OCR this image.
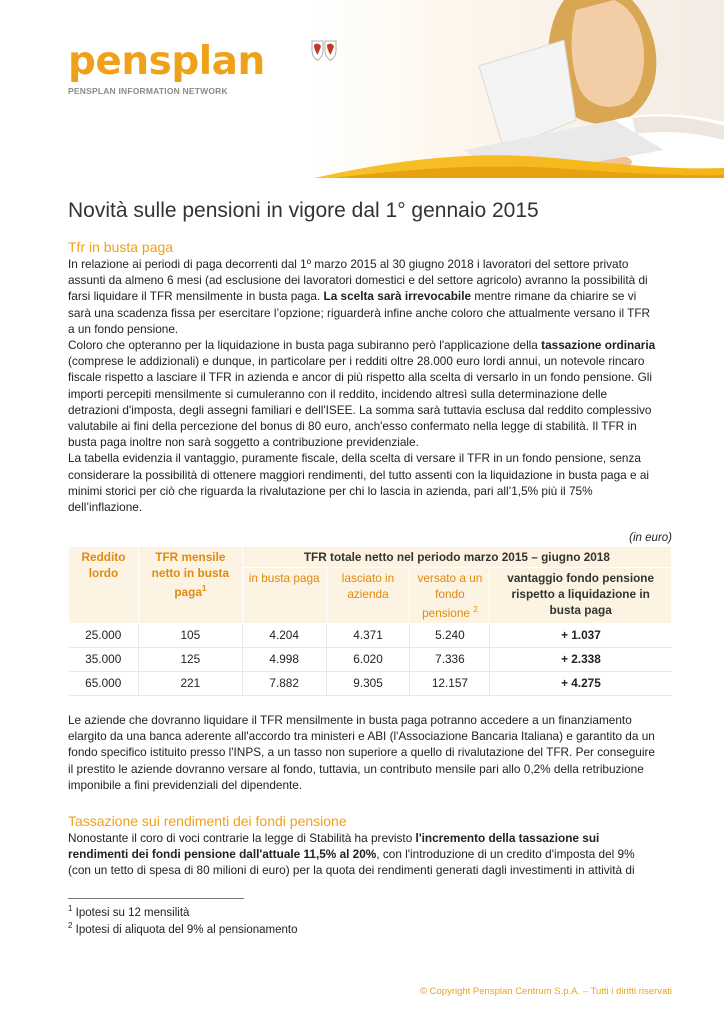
pensplan
PENSPLAN INFORMATION NETWORK
Novità sulle pensioni in vigore dal 1° gennaio 2015
Tfr in busta paga

In relazione ai periodi di paga decorrenti dal 1º marzo 2015 al 30 giugno 2018 i lavoratori del settore privato assunti da almeno 6 mesi (ad esclusione dei lavoratori domestici e del settore agricolo) avranno la possibilità di farsi liquidare il TFR mensilmente in busta paga. La scelta sarà irrevocabile mentre rimane da chiarire se vi sarà una scadenza fissa per esercitare l’opzione; riguarderà infine anche coloro che attualmente versano il TFR a un fondo pensione.

Coloro che opteranno per la liquidazione in busta paga subiranno però l'applicazione della tassazione ordinaria (comprese le addizionali) e dunque, in particolare per i redditi oltre 28.000 euro lordi annui, un notevole rincaro fiscale rispetto a lasciare il TFR in azienda e ancor di più rispetto alla scelta di versarlo in un fondo pensione. Gli importi percepiti mensilmente si cumuleranno con il reddito, incidendo altresì sulla determinazione delle detrazioni d'imposta, degli assegni familiari e dell'ISEE. La somma sarà tuttavia esclusa dal reddito complessivo valutabile ai fini della percezione del bonus di 80 euro, anch'esso confermato nella legge di stabilità. Il TFR in busta paga inoltre non sarà soggetto a contribuzione previdenziale.

La tabella evidenzia il vantaggio, puramente fiscale, della scelta di versare il TFR in un fondo pensione, senza considerare la possibilità di ottenere maggiori rendimenti, del tutto assenti con la liquidazione in busta paga e ai minimi storici per ciò che riguarda la rivalutazione per chi lo lascia in azienda, pari all’1,5% più il 75% dell’inflazione.

(in euro)
Reddito lordo	TFR mensile netto in busta paga$^1$	TFR totale netto nel periodo marzo 2015 – giugno 2018			
		in busta paga	lasciato in azienda	versato a un fondo pensione $^2$	vantaggio fondo pensione rispetto a liquidazione in busta paga
25.000	105	4.204	4.371	5.240	+ 1.037
35.000	125	4.998	6.020	7.336	+ 2.338
65.000	221	7.882	9.305	12.157	+ 4.275

Le aziende che dovranno liquidare il TFR mensilmente in busta paga potranno accedere a un finanziamento elargito da una banca aderente all'accordo tra ministeri e ABI (l'Associazione Bancaria Italiana) e garantito da un fondo specifico istituito presso l'INPS, a un tasso non superiore a quello di rivalutazione del TFR. Per conseguire il prestito le aziende dovranno versare al fondo, tuttavia, un contributo mensile pari allo 0,2% della retribuzione imponibile a fini previdenziali del dipendente.

Tassazione sui rendimenti dei fondi pensione

Nonostante il coro di voci contrarie la legge di Stabilità ha previsto l'incremento della tassazione sui rendimenti dei fondi pensione dall'attuale 11,5% al 20%, con l'introduzione di un credito d'imposta del 9% (con un tetto di spesa di 80 milioni di euro) per la quota dei rendimenti generati dagli investimenti in attività di

$^1$ Ipotesi su 12 mensilità
$^2$ Ipotesi di aliquota del 9% al pensionamento
© Copyright Pensplan Centrum S.p.A. – Tutti i diritti riservati
